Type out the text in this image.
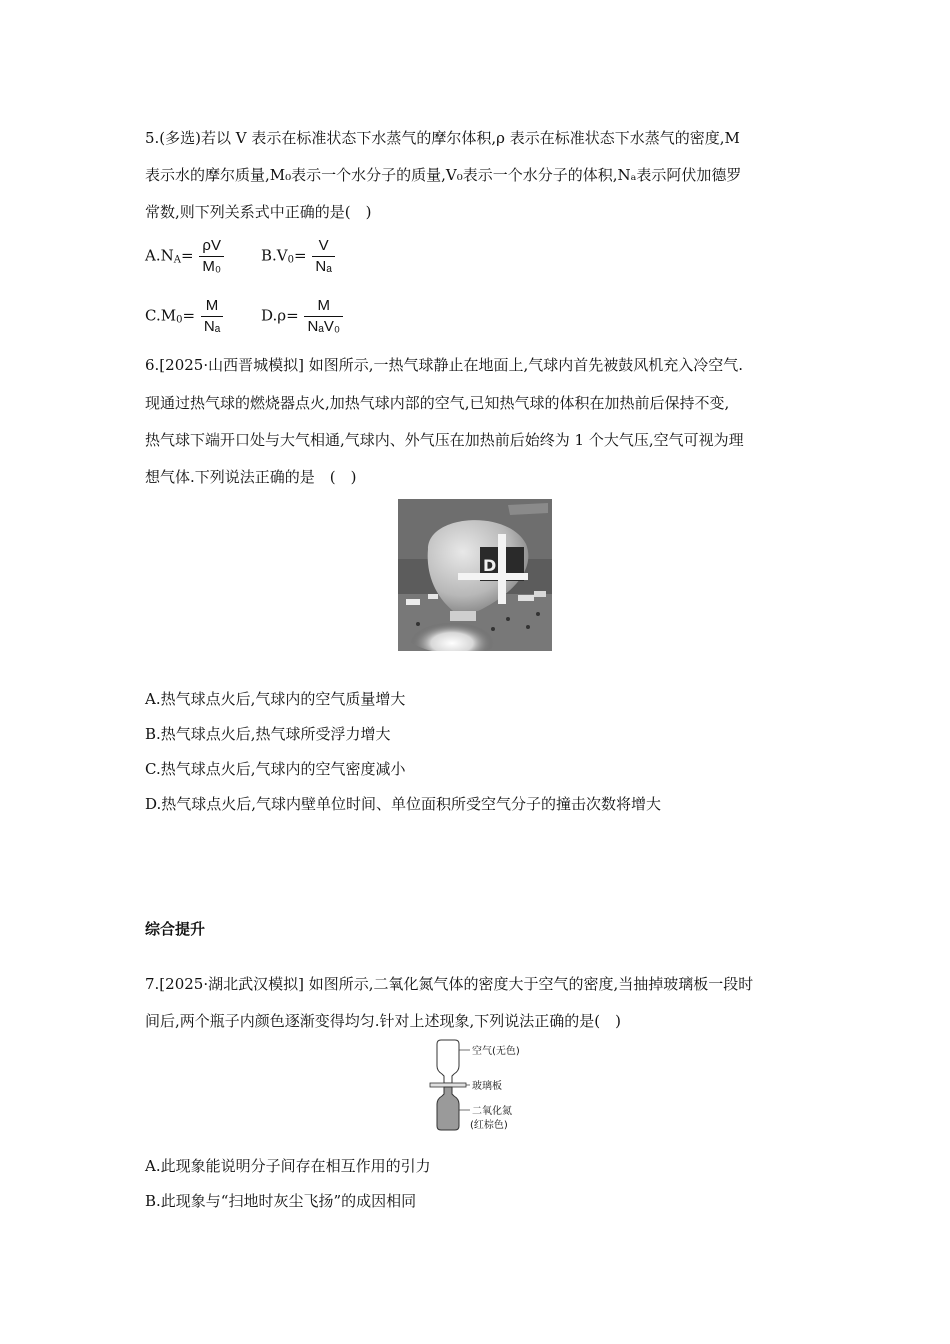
5.(多选)若以 V 表示在标准状态下水蒸气的摩尔体积,ρ 表示在标准状态下水蒸气的密度,M
表示水的摩尔质量,M₀表示一个水分子的质量,V₀表示一个水分子的体积,Nₐ表示阿伏加德罗
常数,则下列关系式中正确的是(　)
$A.N_A= \frac{\rho V}{\text{M₀}} B.V_0= \frac{V}{\text{Nₐ}}$
$C.M_0= \frac{M}{\text{Nₐ}}$	$D.\rho= \frac{M}{\text{NₐV₀}}$
6.[2025·山西晋城模拟] 如图所示,一热气球静止在地面上,气球内首先被鼓风机充入冷空气.
现通过热气球的燃烧器点火,加热气球内部的空气,已知热气球的体积在加热前后保持不变,
热气球下端开口处与大气相通,气球内、外气压在加热前后始终为 1 个大气压,空气可视为理
想气体.下列说法正确的是　(　)
D
A.热气球点火后,气球内的空气质量增大
B.热气球点火后,热气球所受浮力增大
C.热气球点火后,气球内的空气密度减小
D.热气球点火后,气球内壁单位时间、单位面积所受空气分子的撞击次数将增大
综合提升
7.[2025·湖北武汉模拟] 如图所示,二氧化氮气体的密度大于空气的密度,当抽掉玻璃板一段时
间后,两个瓶子内颜色逐渐变得均匀.针对上述现象,下列说法正确的是(　)
空气(无色)
玻璃板
二氧化氮
(红棕色)
A.此现象能说明分子间存在相互作用的引力
B.此现象与“扫地时灰尘飞扬”的成因相同
